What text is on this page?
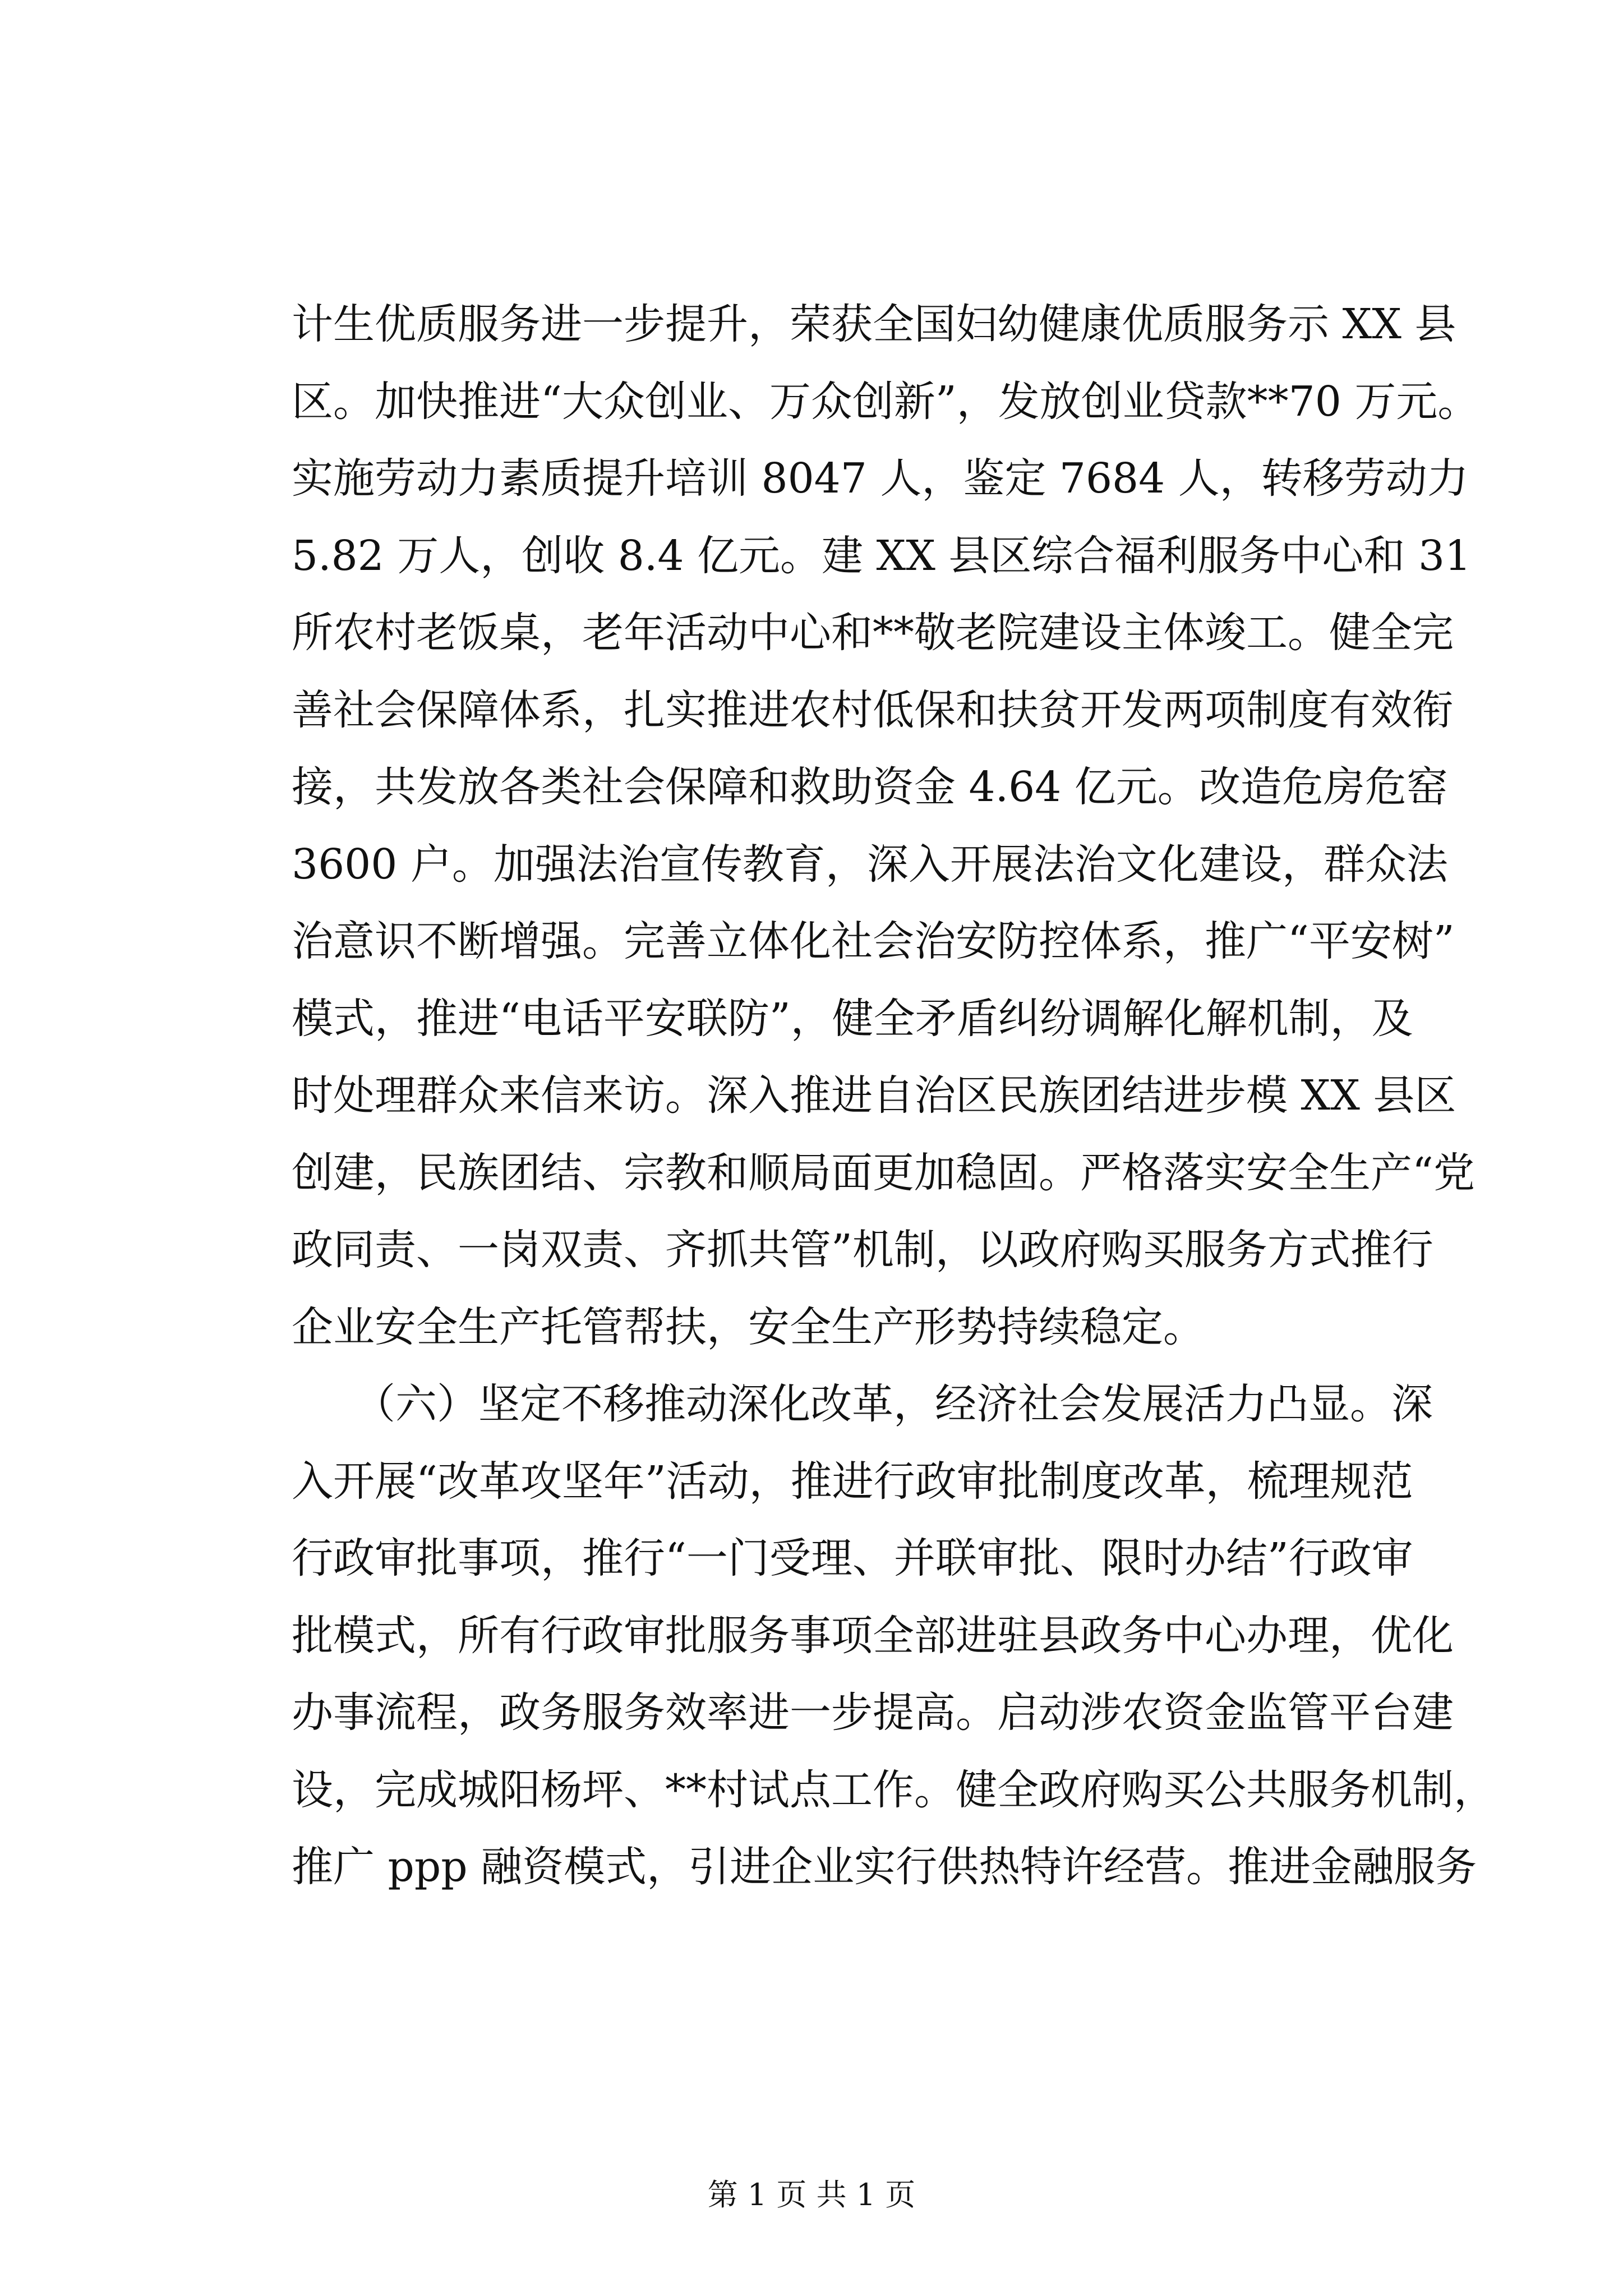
计生优质服务进一步提升，荣获全国妇幼健康优质服务示 XX 县
区。加快推进“大众创业、万众创新”，发放创业贷款**70 万元。
实施劳动力素质提升培训 8047 人，鉴定 7684 人，转移劳动力
5.82 万人，创收 8.4 亿元。建 XX 县区综合福利服务中心和 31
所农村老饭桌，老年活动中心和**敬老院建设主体竣工。健全完
善社会保障体系，扎实推进农村低保和扶贫开发两项制度有效衔
接，共发放各类社会保障和救助资金 4.64 亿元。改造危房危窑
3600 户。加强法治宣传教育，深入开展法治文化建设，群众法
治意识不断增强。完善立体化社会治安防控体系，推广“平安树”
模式，推进“电话平安联防”，健全矛盾纠纷调解化解机制，及
时处理群众来信来访。深入推进自治区民族团结进步模 XX 县区
创建，民族团结、宗教和顺局面更加稳固。严格落实安全生产“党
政同责、一岗双责、齐抓共管”机制，以政府购买服务方式推行
企业安全生产托管帮扶，安全生产形势持续稳定。
　　（六）坚定不移推动深化改革，经济社会发展活力凸显。深
入开展“改革攻坚年”活动，推进行政审批制度改革，梳理规范
行政审批事项，推行“一门受理、并联审批、限时办结”行政审
批模式，所有行政审批服务事项全部进驻县政务中心办理，优化
办事流程，政务服务效率进一步提高。启动涉农资金监管平台建
设，完成城阳杨坪、**村试点工作。健全政府购买公共服务机制，
推广 ppp 融资模式，引进企业实行供热特许经营。推进金融服务
第 1 页 共 1 页
